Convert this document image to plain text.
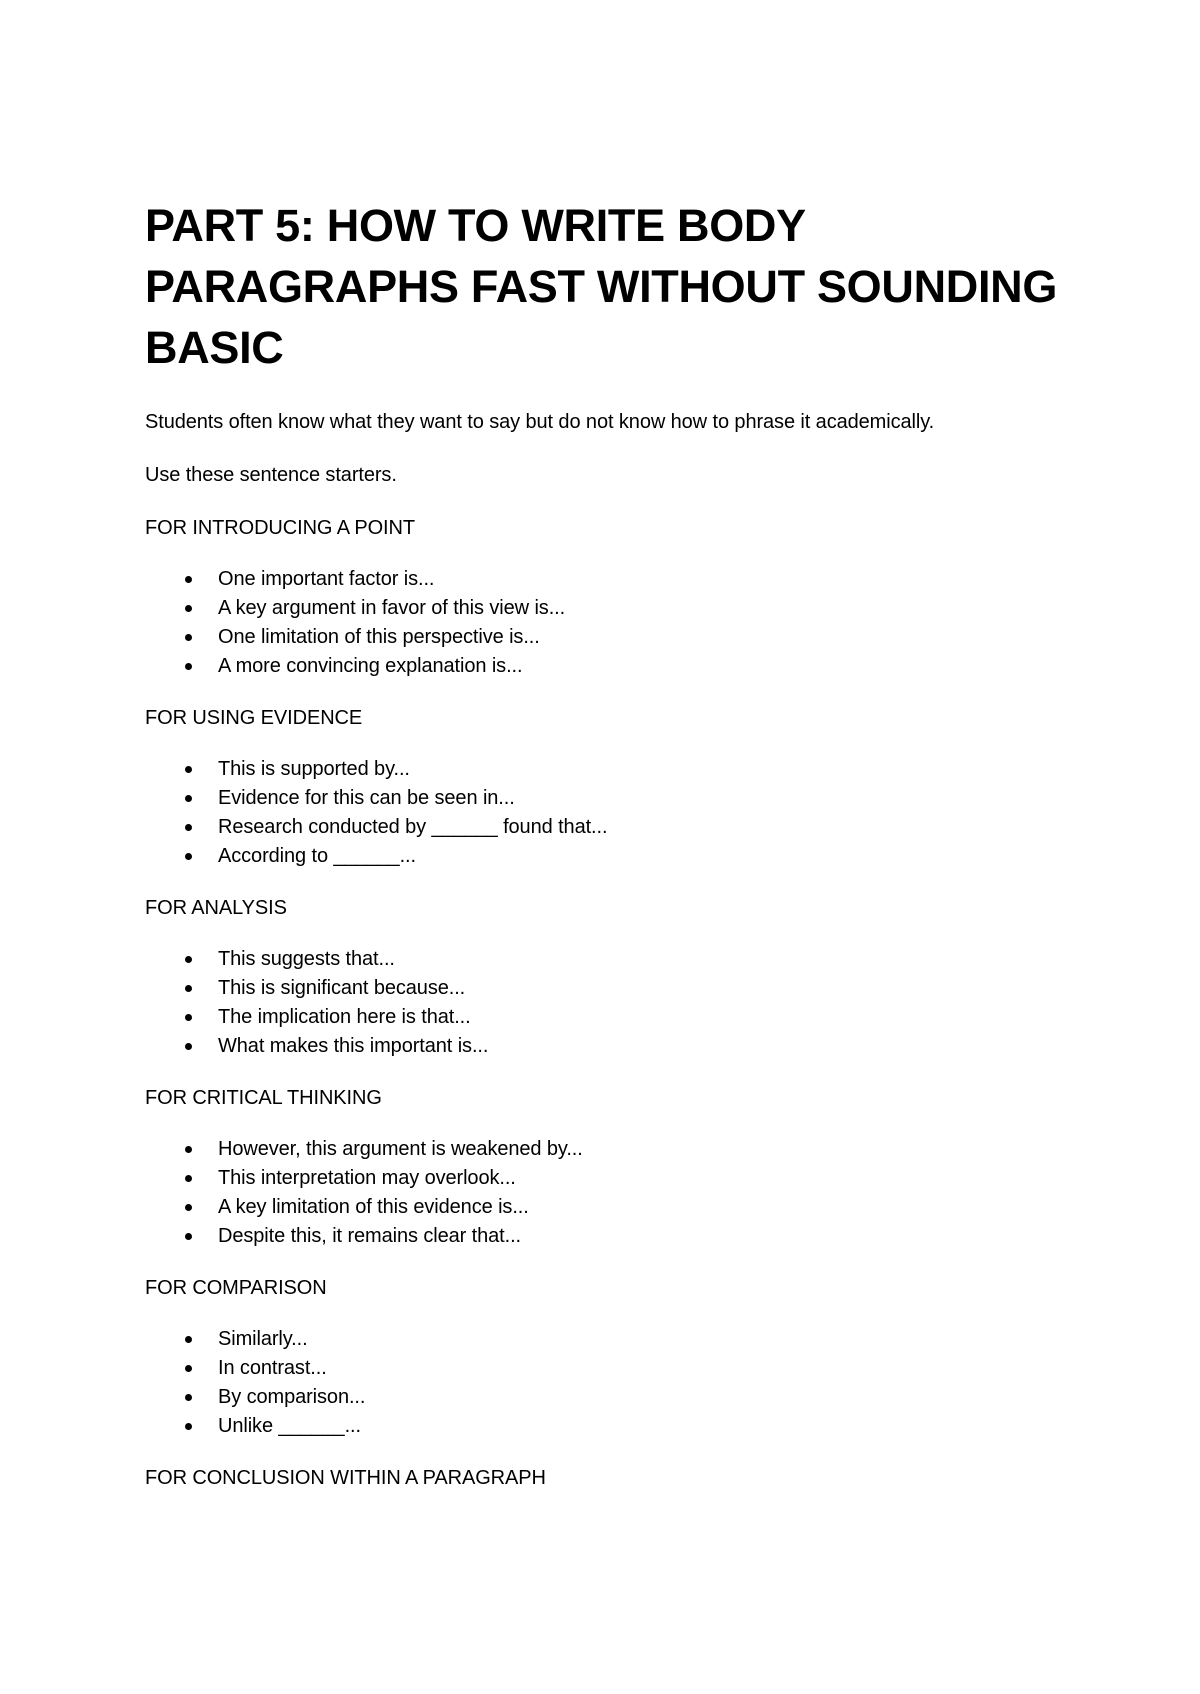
PART 5: HOW TO WRITE BODY PARAGRAPHS FAST WITHOUT SOUNDING BASIC

Students often know what they want to say but do not know how to phrase it academically.

Use these sentence starters.

FOR INTRODUCING A POINT
One important factor is...
A key argument in favor of this view is...
One limitation of this perspective is...
A more convincing explanation is...
FOR USING EVIDENCE
This is supported by...
Evidence for this can be seen in...
Research conducted by ______ found that...
According to ______...
FOR ANALYSIS
This suggests that...
This is significant because...
The implication here is that...
What makes this important is...
FOR CRITICAL THINKING
However, this argument is weakened by...
This interpretation may overlook...
A key limitation of this evidence is...
Despite this, it remains clear that...
FOR COMPARISON
Similarly...
In contrast...
By comparison...
Unlike ______...
FOR CONCLUSION WITHIN A PARAGRAPH
